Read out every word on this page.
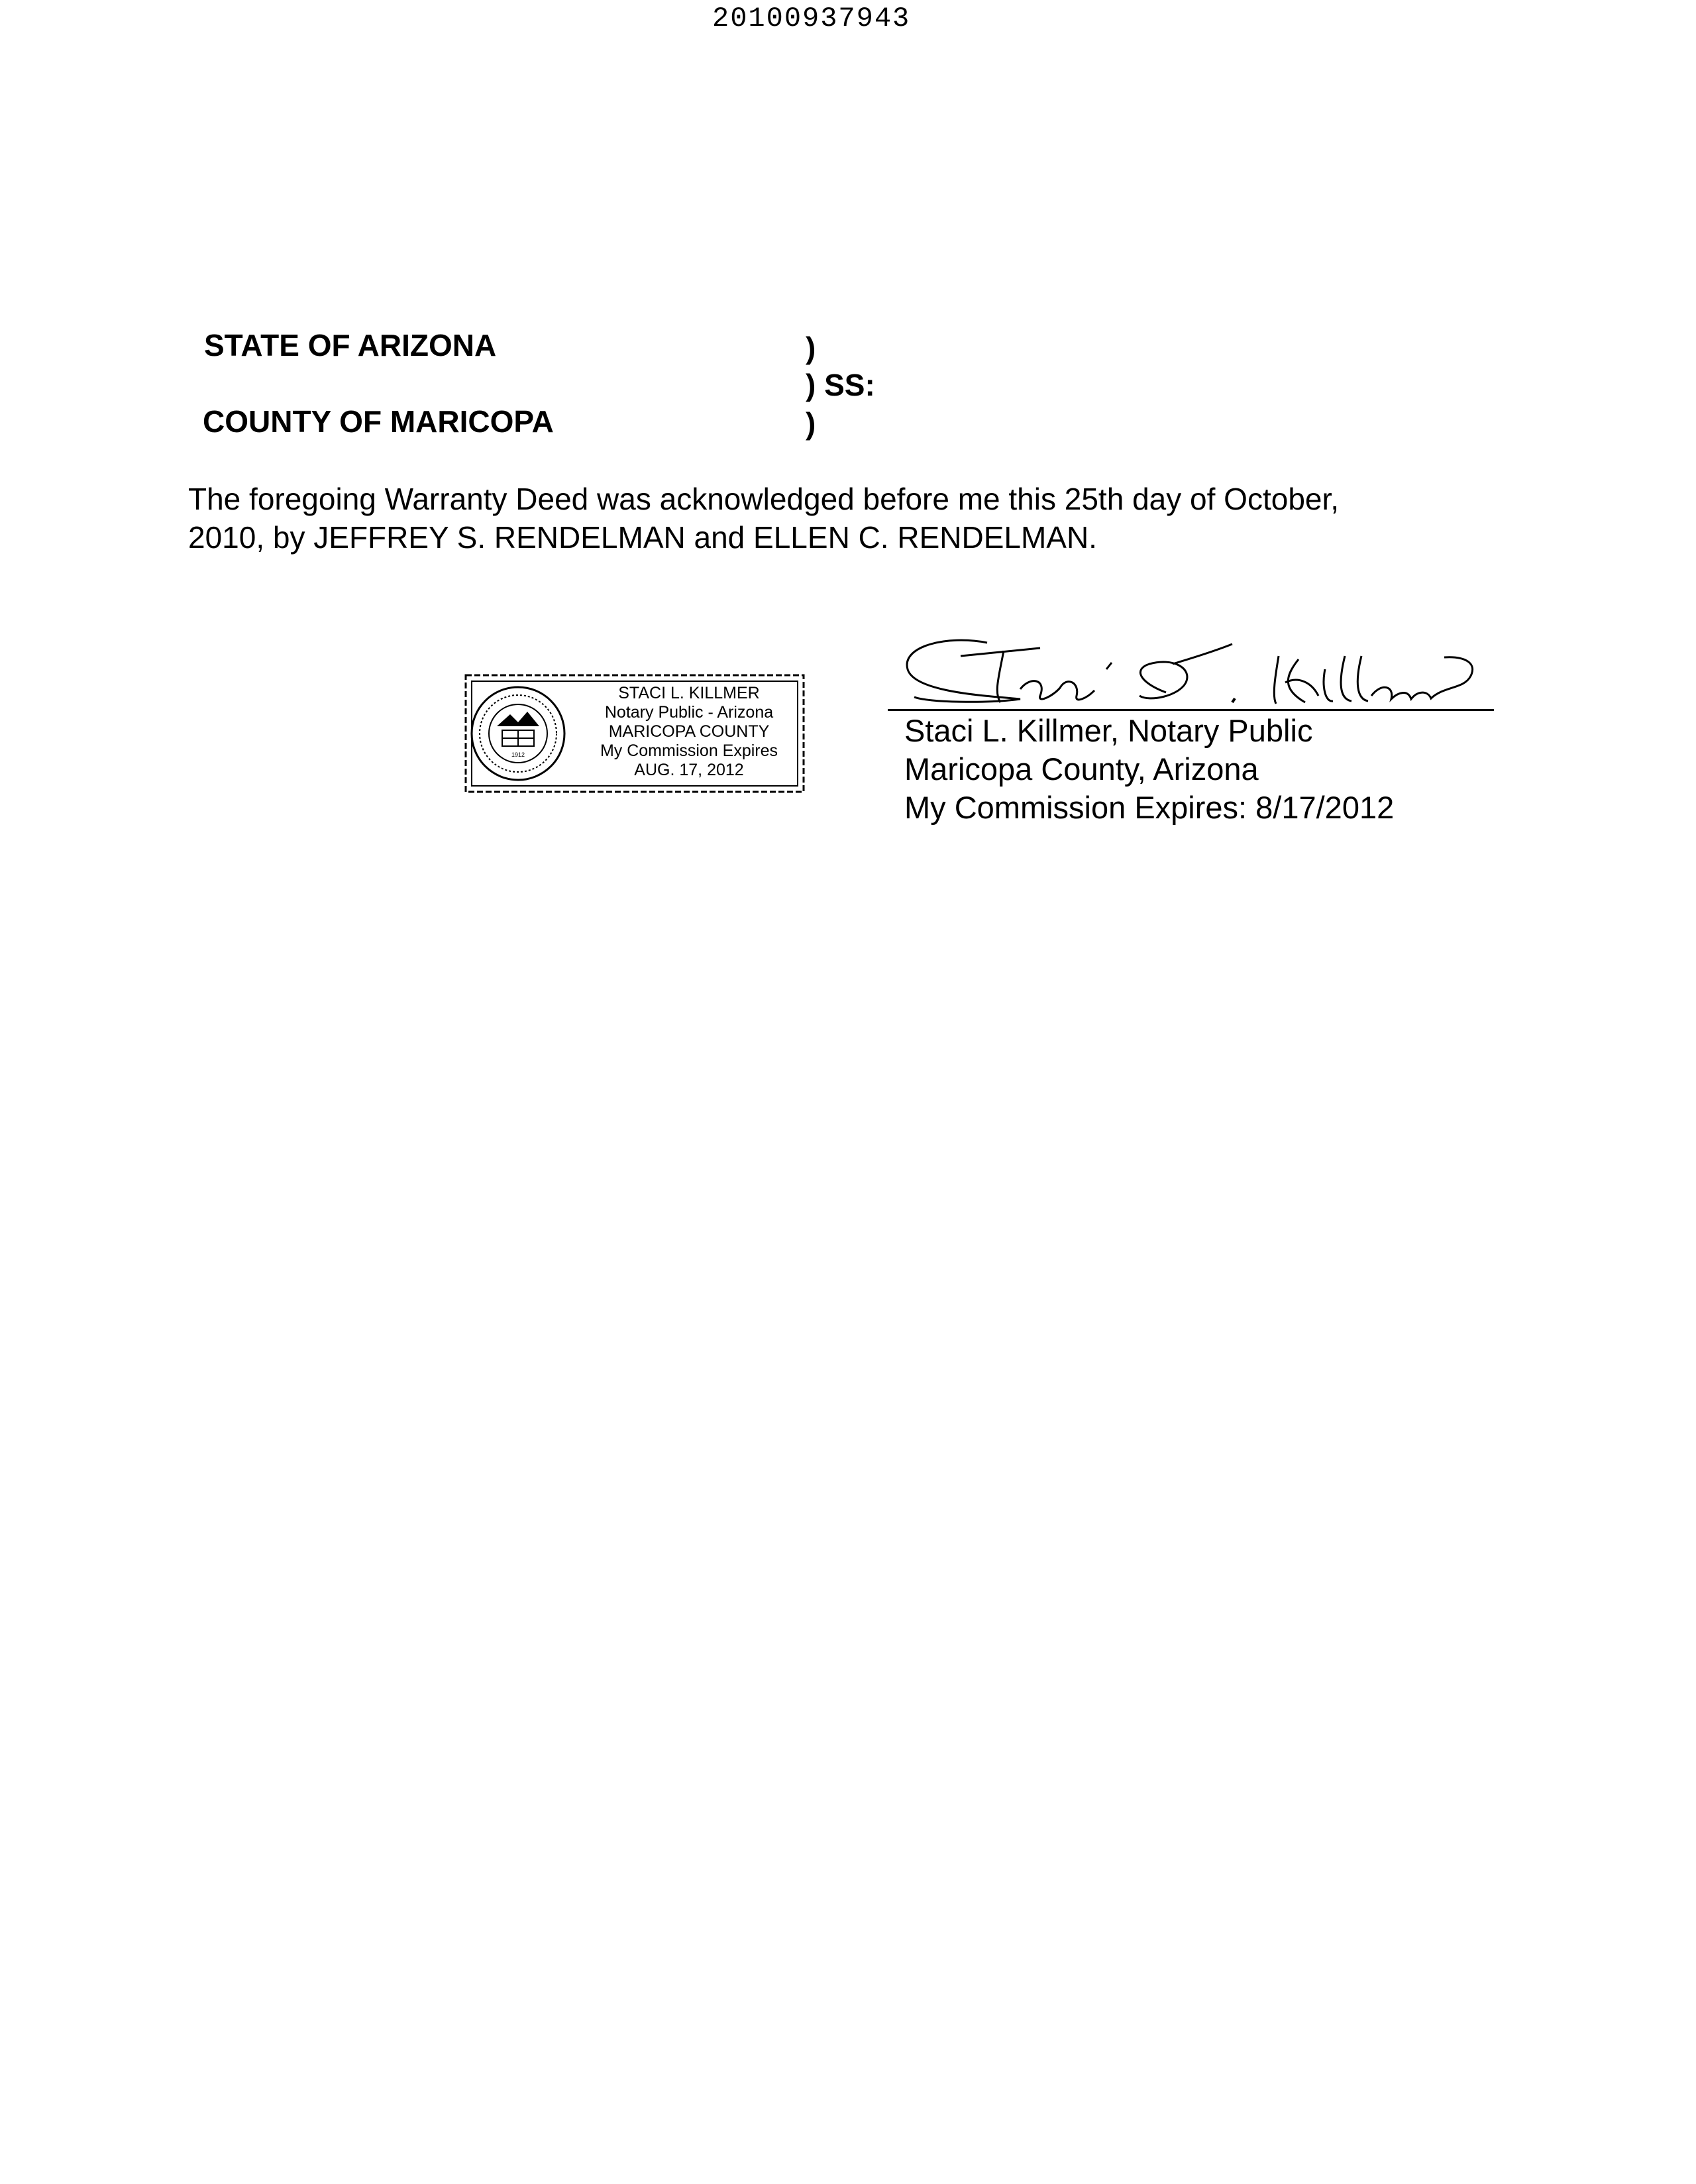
20100937943
STATE OF ARIZONA
COUNTY OF MARICOPA
)
) SS:
)
The foregoing Warranty Deed was acknowledged before me this 25th day of October,
2010, by JEFFREY S. RENDELMAN and ELLEN C. RENDELMAN.
1912
STACI L. KILLMER
Notary Public - Arizona
MARICOPA COUNTY
My Commission Expires
AUG. 17, 2012
Staci L. Killmer, Notary Public
Maricopa County, Arizona
My Commission Expires: 8/17/2012
